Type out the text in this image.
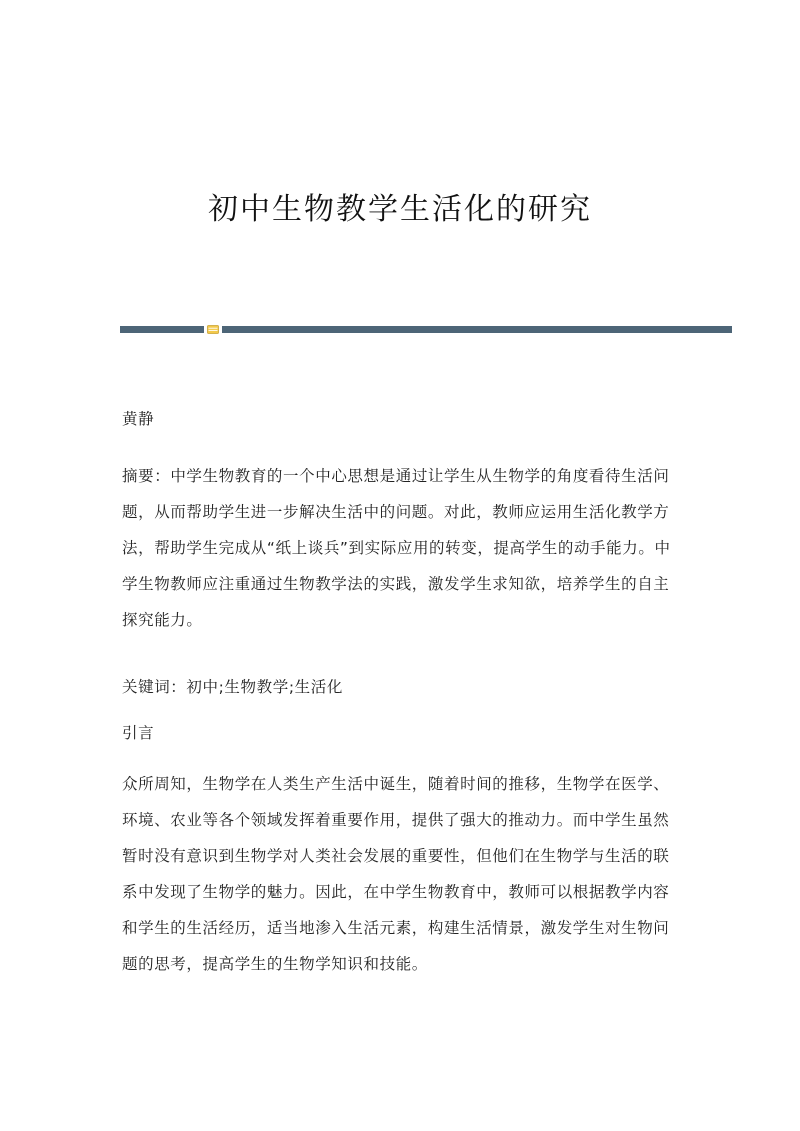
初中生物教学生活化的研究

黄静

摘要：中学生物教育的一个中心思想是通过让学生从生物学的角度看待生活问题，从而帮助学生进一步解决生活中的问题。对此，教师应运用生活化教学方法，帮助学生完成从“纸上谈兵”到实际应用的转变，提高学生的动手能力。中学生物教师应注重通过生物教学法的实践，激发学生求知欲，培养学生的自主探究能力。

关键词：初中;生物教学;生活化

引言

众所周知，生物学在人类生产生活中诞生，随着时间的推移，生物学在医学、环境、农业等各个领域发挥着重要作用，提供了强大的推动力。而中学生虽然暂时没有意识到生物学对人类社会发展的重要性，但他们在生物学与生活的联系中发现了生物学的魅力。因此，在中学生物教育中，教师可以根据教学内容和学生的生活经历，适当地渗入生活元素，构建生活情景，激发学生对生物问题的思考，提高学生的生物学知识和技能。
